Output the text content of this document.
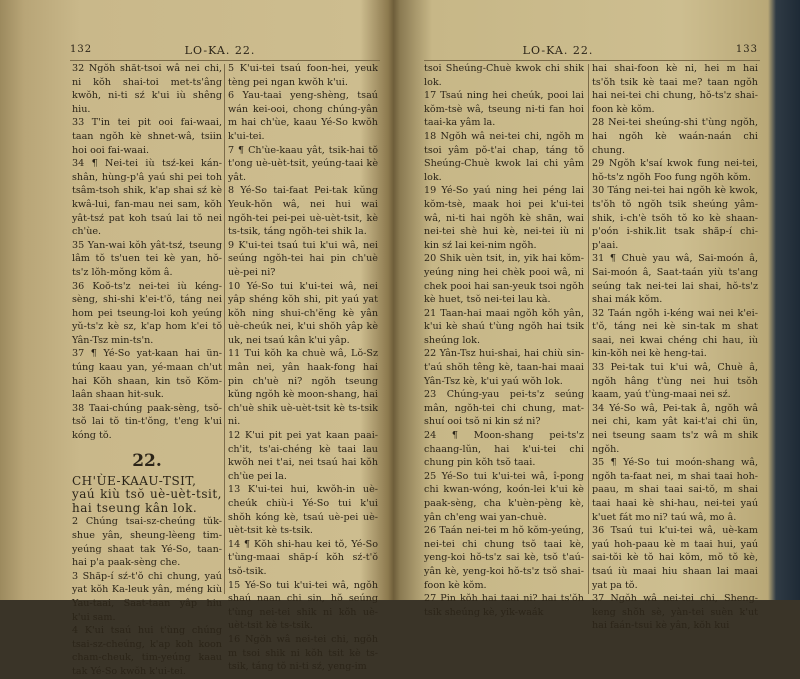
132	LO-KA. 22.

32 Ngŏh shăt-tsoi wâ nei chi, ni kŏh shai-toi met-ts'âng kwŏh, ni-ti sź k'ui iù shêng hiu.

33 T'in tei pit ooi fai-waai, taan ngŏh kè shnet-wâ, tsiin hoi ooi fai-waai.

34 ¶ Nei-tei iù tsź-kei kán-shân, hùng-p'â yaú shi pei toh tsâm-tsoh shik, k'ap shai sź kè kwâ-lui, fan-mau nei sam, kŏh yât-tsź pat koh tsaú lai tŏ nei ch'ùe.

35 Yan-wai kŏh yât-tsź, tseung lâm tŏ ts'uen tei kè yan, hŏ-ts'z lŏh-mŏng kŏm â.

36 Koŏ-ts'z nei-tei iù kéng-sèng, shi-shi k'ei-t'ŏ, táng nei hom pei tseung-loi koh yeúng yŭ-ts'z kè sz, k'ap hom k'ei tŏ Yân-Tsz min-ts'n.

37 ¶ Yé-So yat-kaan hai ün-túng kaau yan, yé-maan ch'ut hai Kŏh shaan, kin tsŏ Kŏm-laân shaan hit-suk.

38 Taai-chúng paak-sèng, tsŏ-tsŏ lai tŏ tin-t'ŏng, t'eng k'ui kóng tŏ.

22.

CH'ÙE-KAAU-TSIT, yaú kiù tsŏ uè-uèt-tsit, hai tseung kân lok.

2 Chúng tsai-sz-cheúng tŭk-shue yân, sheung-lèeng tim-yeúng shaat tak Yé-So, taan-hai p'a paak-sèng che.

3 Shăp-í sź-t'ŏ chi chung, yaú yat kŏh Ka-leuk yân, méng kiù Yau-taai, Saat-taan yâp hiu k'ui sam.

4 K'ui tsaú hui t'ùng chúng tsai-sz-cheúng, k'ap koh koon cham-cheuk, tim-yeúng kaau tak Yé-So kwŏh k'ui-tei.

5 K'ui-tei tsaú foon-hei, yeuk tèng pei ngan kwŏh k'ui.

6 Yau-taai yeng-shèng, tsaú wán kei-ooi, chong chúng-yân m hai ch'ùe, kaau Yé-So kwŏh k'ui-tei.

7 ¶ Ch'ùe-kaau yât, tsik-hai tŏ t'ong uè-uèt-tsit, yeúng-taai kè yât.

8 Yé-So tai-faat Pei-tak kŭng Yeuk-hŏn wâ, nei hui wai ngŏh-tei pei-pei uè-uèt-tsit, kè ts-tsik, táng ngŏh-tei shik la.

9 K'ui-tei tsaú tui k'ui wâ, nei seúng ngŏh-tei hai pin ch'uè uè-pei ni?

10 Yé-So tui k'ui-tei wâ, nei yâp shéng kŏh shi, pit yaú yat kŏh ning shui-ch'ĕng kè yân uè-cheúk nei, k'ui shŏh yâp kè uk, nei tsaú kân k'ui yâp.

11 Tui kŏh ka chuè wâ, Lŏ-Sz mân nei, yân haak-fong hai pin ch'uè ni? ngŏh tseung kŭng ngŏh kè moon-shang, hai ch'uè shik uè-uèt-tsit kè ts-tsik ni.

12 K'ui pit pei yat kaan paai-ch'it, ts'ai-chéng kè taai lau kwŏh nei t'ai, nei tsaú hai kŏh ch'ùe pei la.

13 K'ui-tei hui, kwŏh-in uè-cheúk chiù-i Yé-So tui k'ui shŏh kóng kè, tsaú uè-pei uè-uèt-tsit kè ts-tsik.

14 ¶ Kŏh shi-hau kei tŏ, Yé-So t'ùng-maai shăp-í kŏh sź-t'ŏ tsŏ-tsik.

15 Yé-So tui k'ui-tei wâ, ngŏh shaú naan chi sin, hŏ seúng t'ùng nei-tei shik ni kŏh uè-uèt-tsit kè ts-tsik.

16 Ngŏh wâ nei-tei chi, ngŏh m tsoi shik ni kŏh tsit kè ts-tsik, táng tŏ ni-ti sź, yeng-im

LO-KA. 22.	133

tsoi Sheúng-Chuè kwok chi shik lok.

17 Tsaú ning hei cheúk, pooi lai kŏm-tsè wâ, tseung ni-ti fan hoi taai-ka yâm la.

18 Ngŏh wâ nei-tei chi, ngŏh m tsoi yâm pŏ-t'ai chap, táng tŏ Sheúng-Chuè kwok lai chi yâm lok.

19 Yé-So yaú ning hei péng lai kŏm-tsè, maak hoi pei k'ui-tei wâ, ni-ti hai ngŏh kè shăn, wai nei-tei shè hui kè, nei-tei iù ni kin sź lai kei-nim ngŏh.

20 Shik uèn tsit, in, yik hai kŏm-yeúng ning hei chèk pooi wâ, ni chek pooi hai san-yeuk tsoi ngŏh kè huet, tsŏ nei-tei lau kà.

21 Taan-hai maai ngŏh kŏh yân, k'ui kè shaú t'ùng ngŏh hai tsik sheúng lok.

22 Yân-Tsz hui-shai, hai chiù sin-t'aú shŏh têng kè, taan-hai maai Yân-Tsz kè, k'ui yaú wŏh lok.

23 Chúng-yau pei-ts'z seúng mân, ngŏh-tei chi chung, mat-shuí ooi tsŏ ni kin sź ni?

24 ¶ Moon-shang pei-ts'z chaang-lŭn, hai k'ui-tei chi chung pin kŏh tsŏ taai.

25 Yé-So tui k'ui-tei wâ, î-pong chi kwan-wóng, koón-lei k'ui kè paak-sèng, cha k'uèn-pèng kè, yân ch'eng wai yan-chuè.

26 Taán nei-tei m hŏ kŏm-yeúng, nei-tei chi chung tsŏ taai kè, yeng-koi hŏ-ts'z sai kè, tsŏ t'aú-yân kè, yeng-koi hŏ-ts'z tsŏ shai-foon kè kŏm.

27 Pin kŏh hai taai ni? hai ts'ŏh tsik sheúng kè, yik-waák

hai shai-foon kè ni, hei m hai ts'ŏh tsik kè taai me? taan ngŏh hai nei-tei chi chung, hŏ-ts'z shai-foon kè kŏm.

28 Nei-tei sheúng-shi t'ùng ngŏh, hai ngŏh kè waán-naán chi chung.

29 Ngŏh k'saí kwok fung nei-tei, hŏ-ts'z ngŏh Foo fung ngŏh kŏm.

30 Táng nei-tei hai ngŏh kè kwok, ts'ŏh tŏ ngŏh tsik sheúng yâm-shik, i-ch'è tsŏh tŏ ko kè shaan-p'oón i-shik.lit tsak shăp-í chi-p'aai.

31 ¶ Chuè yau wâ, Sai-moón â, Sai-moón â, Saat-taán yiù ts'ang seúng tak nei-tei lai shai, hŏ-ts'z shai mák kŏm.

32 Taán ngŏh i-kéng wai nei k'ei-t'ŏ, táng nei kè sin-tak m shat saai, nei kwai chéng chi hau, iù kin-kŏh nei kè heng-tai.

33 Pei-tak tui k'ui wâ, Chuè â, ngŏh hâng t'ùng nei hui tsŏh kaam, yaú t'ùng-maai nei sź.

34 Yé-So wâ, Pei-tak â, ngŏh wâ nei chi, kam yât kai-t'ai chi ün, nei tseung saam ts'z wâ m shik ngŏh.

35 ¶ Yé-So tui moón-shang wâ, ngŏh ta-faat nei, m shai taai hoh-paau, m shai taai sai-tŏ, m shai taai haai kè shi-hau, nei-tei yaú k'uet fát mo ni? taú wâ, mo â.

36 Tsaú tui k'ui-tei wâ, uè-kam yaú hoh-paau kè m taai hui, yaú sai-tŏi kè tŏ hai kŏm, mŏ tŏ kè, tsaú iù maai hiu shaan lai maai yat pa tŏ.

37 Ngŏh wâ nei-tei chi, Sheng-keng shŏh sè, yàn-tei suèn k'ut hai faán-tsui kè yân, kŏh kui
